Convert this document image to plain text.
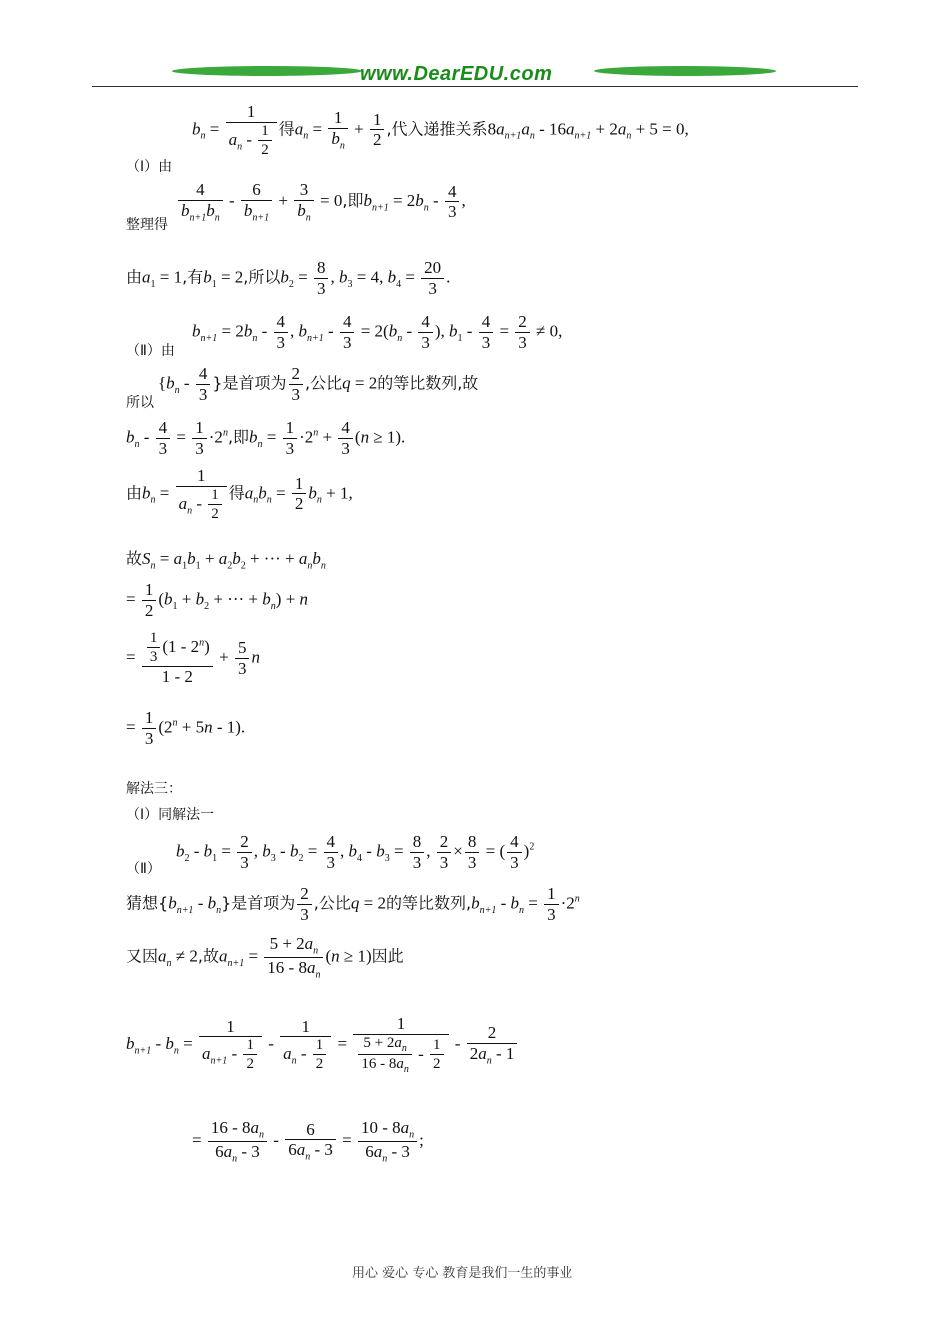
www.DearEDU.com
$b_n = \frac{1}{a_n - \frac{1}{2}}$ 得$a_n = \frac{1}{b_n} + \frac{1}{2}$ ,代入递推关系$8a_{n+1}a_n - 16a_{n+1} + 2a_n + 5 = 0$,
（Ⅰ）由
整理得
$\frac{4}{b_{n+1}b_n} - \frac{6}{b_{n+1}} + \frac{3}{b_n} = 0$,即$b_{n+1} = 2b_n - \frac{4}{3}$ ,
由$a_1 = 1$,有$b_1 = 2$,所以$b_2 = \frac{8}{3}$ , $b_3 = 4$, $b_4 = \frac{20}{3}$ .
$b_{n+1} = 2b_n - \frac{4}{3}$ , $b_{n+1} - \frac{4}{3} = 2(b_n - \frac{4}{3}$ ), $b_1 - \frac{4}{3} = \frac{2}{3} \ne 0$,
（Ⅱ）由
{$b_n - \frac{4}{3}$ }是首项为 $\frac{2}{3}$ ,公比q = 2的等比数列,故
所以
$b_n - \frac{4}{3} = \frac{1}{3} \cdot 2^n$,即$b_n = \frac{1}{3} \cdot 2^n + \frac{4}{3} (n \ge 1)$.
由$b_n = \frac{1}{a_n - \frac{1}{2}}$ 得$a_nb_n = \frac{1}{2} b_n + 1$,
故$S_n = a_1b_1 + a_2b_2$ + ··· + $a_nb_n$
= $\frac{1}{2} (b_1 + b_2$ + ··· + $b_n) + n$
= $\frac{\frac{1}{3} (1 - 2^n)}{1 - 2} + \frac{5}{3}$ n
= $\frac{1}{3} (2^n + 5n - 1)$.
解法三：
（Ⅰ）同解法一
$b_2 - b_1 = \frac{2}{3}$ , $b_3 - b_2 = \frac{4}{3}$ , $b_4 - b_3 = \frac{8}{3}$ , $\frac{2}{3} \times \frac{8}{3}$ = ( $\frac{4}{3} )^2$
（Ⅱ）
猜想$\{b_{n+1} - b_n\}$是首项为 $\frac{2}{3}$ ,公比q = 2的等比数列$,b_{n+1} - b_n = \frac{1}{3} \cdot 2^n$
又因$a_n \ne 2$,故$a_{n+1} = \frac{5 + 2a_n}{16 - 8a_n} (n \ge 1)$因此
$b_{n+1} - b_n = \frac{1}{a_{n+1} - \frac{1}{2}} - \frac{1}{a_n - \frac{1}{2}} = \frac{1}{\frac{5 + 2a_n}{16 - 8a_n} - \frac{1}{2}} - \frac{2}{2a_n - 1}$
= $\frac{16 - 8a_n}{6a_n - 3} - \frac{6}{6a_n - 3} = \frac{10 - 8a_n}{6a_n - 3}$ ;
用心 爱心 专心 教育是我们一生的事业
